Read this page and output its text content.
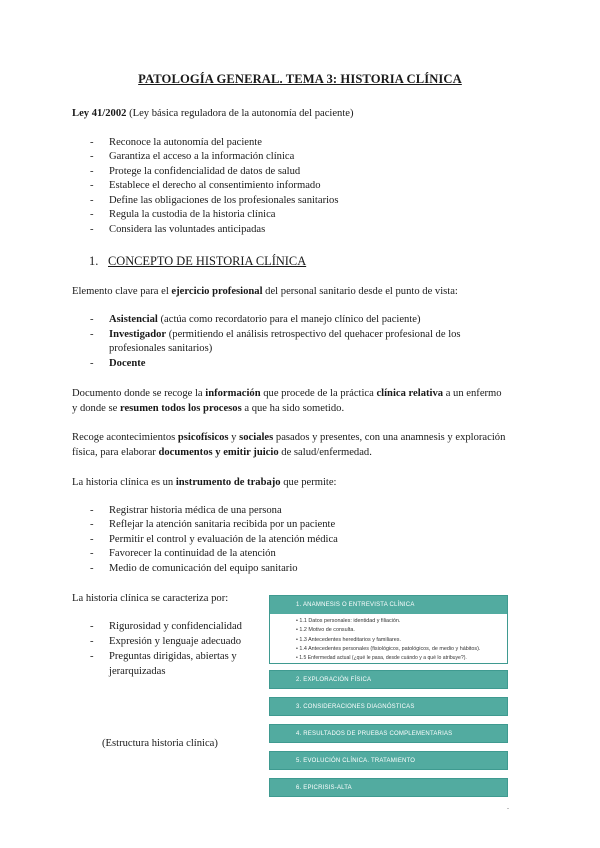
PATOLOGÍA GENERAL. TEMA 3: HISTORIA CLÍNICA
Ley 41/2002 (Ley básica reguladora de la autonomía del paciente)
- Reconoce la autonomía del paciente
- Garantiza el acceso a la información clínica
- Protege la confidencialidad de datos de salud
- Establece el derecho al consentimiento informado
- Define las obligaciones de los profesionales sanitarios
- Regula la custodia de la historia clínica
- Considera las voluntades anticipadas
1. CONCEPTO DE HISTORIA CLÍNICA
Elemento clave para el ejercicio profesional del personal sanitario desde el punto de vista:
- Asistencial (actúa como recordatorio para el manejo clínico del paciente)
- Investigador (permitiendo el análisis retrospectivo del quehacer profesional de los
profesionales sanitarios)
- Docente
Documento donde se recoge la información que procede de la práctica clínica relativa a un enfermo
y donde se resumen todos los procesos a que ha sido sometido.
Recoge acontecimientos psicofísicos y sociales pasados y presentes, con una anamnesis y exploración
física, para elaborar documentos y emitir juicio de salud/enfermedad.
La historia clínica es un instrumento de trabajo que permite:
- Registrar historia médica de una persona
- Reflejar la atención sanitaria recibida por un paciente
- Permitir el control y evaluación de la atención médica
- Favorecer la continuidad de la atención
- Medio de comunicación del equipo sanitario
La historia clínica se caracteriza por:
- Rigurosidad y confidencialidad
- Expresión y lenguaje adecuado
- Preguntas dirigidas, abiertas y
jerarquizadas
(Estructura historia clínica)
1. ANAMNESIS O ENTREVISTA CLÍNICA
• 1.1 Datos personales: identidad y filiación.
• 1.2 Motivo de consulta.
• 1.3 Antecedentes hereditarios y familiares.
• 1.4 Antecedentes personales (fisiológicos, patológicos, de medio y hábitos).
• 1.5 Enfermedad actual (¿qué le pasa, desde cuándo y a qué lo atribuye?).
2. EXPLORACIÓN FÍSICA
3. CONSIDERACIONES DIAGNÓSTICAS
4. RESULTADOS DE PRUEBAS COMPLEMENTARIAS
5. EVOLUCIÓN CLÍNICA. TRATAMIENTO
6. EPICRISIS-ALTA
-
